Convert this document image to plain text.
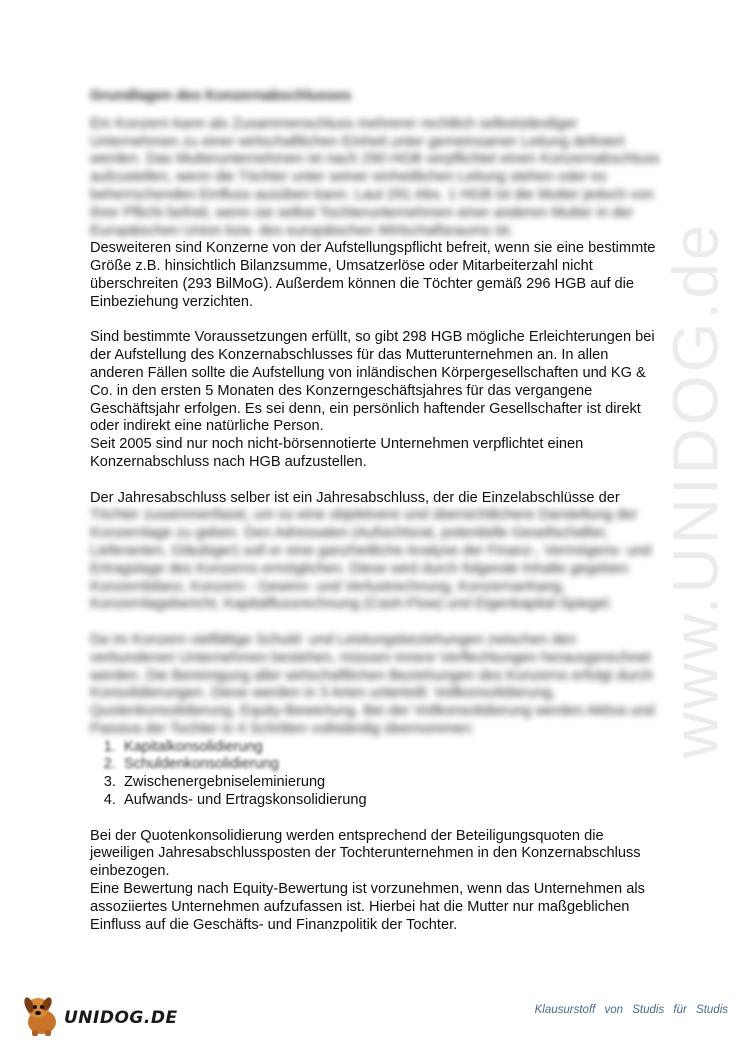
www.UNIDOG.de
Grundlagen des Konzernabschlusses

Ein Konzern kann als Zusammenschluss mehrerer rechtlich selbstständiger Unternehmen zu einer wirtschaftlichen Einheit unter gemeinsamer Leitung definiert werden. Das Mutterunternehmen ist nach 290 HGB verpflichtet einen Konzernabschluss aufzustellen, wenn die Töchter unter seiner einheitlichen Leitung stehen oder es beherrschenden Einfluss ausüben kann. Laut 291 Abs. 1 HGB ist die Mutter jedoch von ihrer Pflicht befreit, wenn sie selbst Tochterunternehmen einer anderen Mutter in der Europäischen Union bzw. des europäischen Wirtschaftsraums ist.

Desweiteren sind Konzerne von der Aufstellungspflicht befreit, wenn sie eine bestimmte Größe z.B. hinsichtlich Bilanzsumme, Umsatzerlöse oder Mitarbeiterzahl nicht überschreiten (293 BilMoG). Außerdem können die Töchter gemäß 296 HGB auf die Einbeziehung verzichten.

Sind bestimmte Voraussetzungen erfüllt, so gibt 298 HGB mögliche Erleichterungen bei der Aufstellung des Konzernabschlusses für das Mutterunternehmen an. In allen anderen Fällen sollte die Aufstellung von inländischen Körpergesellschaften und KG & Co. in den ersten 5 Monaten des Konzerngeschäftsjahres für das vergangene Geschäftsjahr erfolgen. Es sei denn, ein persönlich haftender Gesellschafter ist direkt oder indirekt eine natürliche Person.

Seit 2005 sind nur noch nicht-börsennotierte Unternehmen verpflichtet einen Konzernabschluss nach HGB aufzustellen.

Der Jahresabschluss selber ist ein Jahresabschluss, der die Einzelabschlüsse der

Töchter zusammenfasst, um so eine objektivere und übersichtlichere Darstellung der Konzernlage zu geben. Den Adressaten (Aufsichtsrat, potentielle Gesellschafter, Lieferanten, Gläubiger) soll er eine ganzheitliche Analyse der Finanz-, Vermögens- und Ertragslage des Konzerns ermöglichen. Diese wird durch folgende Inhalte gegeben: Konzernbilanz, Konzern - Gewinn- und Verlustrechnung, Konzernanhang, Konzernlagebericht, Kapitalflussrechnung (Cash-Flow) und Eigenkapital-Spiegel.

Da im Konzern vielfältige Schuld- und Leistungsbeziehungen zwischen den verbundenen Unternehmen bestehen, müssen innere Verflechtungen herausgerechnet werden. Die Bereinigung aller wirtschaftlichen Beziehungen des Konzerns erfolgt durch Konsolidierungen. Diese werden in 3 Arten unterteilt: Vollkonsolidierung, Quotenkonsolidierung, Equity-Bewertung. Bei der Vollkonsolidierung werden Aktiva und Passiva der Tochter in 4 Schritten vollständig übernommen:

1. Kapitalkonsolidierung
2. Schuldenkonsolidierung
3. Zwischenergebniseleminierung
4. Aufwands- und Ertragskonsolidierung

Bei der Quotenkonsolidierung werden entsprechend der Beteiligungsquoten die jeweiligen Jahresabschlussposten der Tochterunternehmen in den Konzernabschluss einbezogen.

Eine Bewertung nach Equity-Bewertung ist vorzunehmen, wenn das Unternehmen als assoziiertes Unternehmen aufzufassen ist. Hierbei hat die Mutter nur maßgeblichen Einfluss auf die Geschäfts- und Finanzpolitik der Tochter.

UNIDOG.DE	Klausurstoff von Studis für Studis
